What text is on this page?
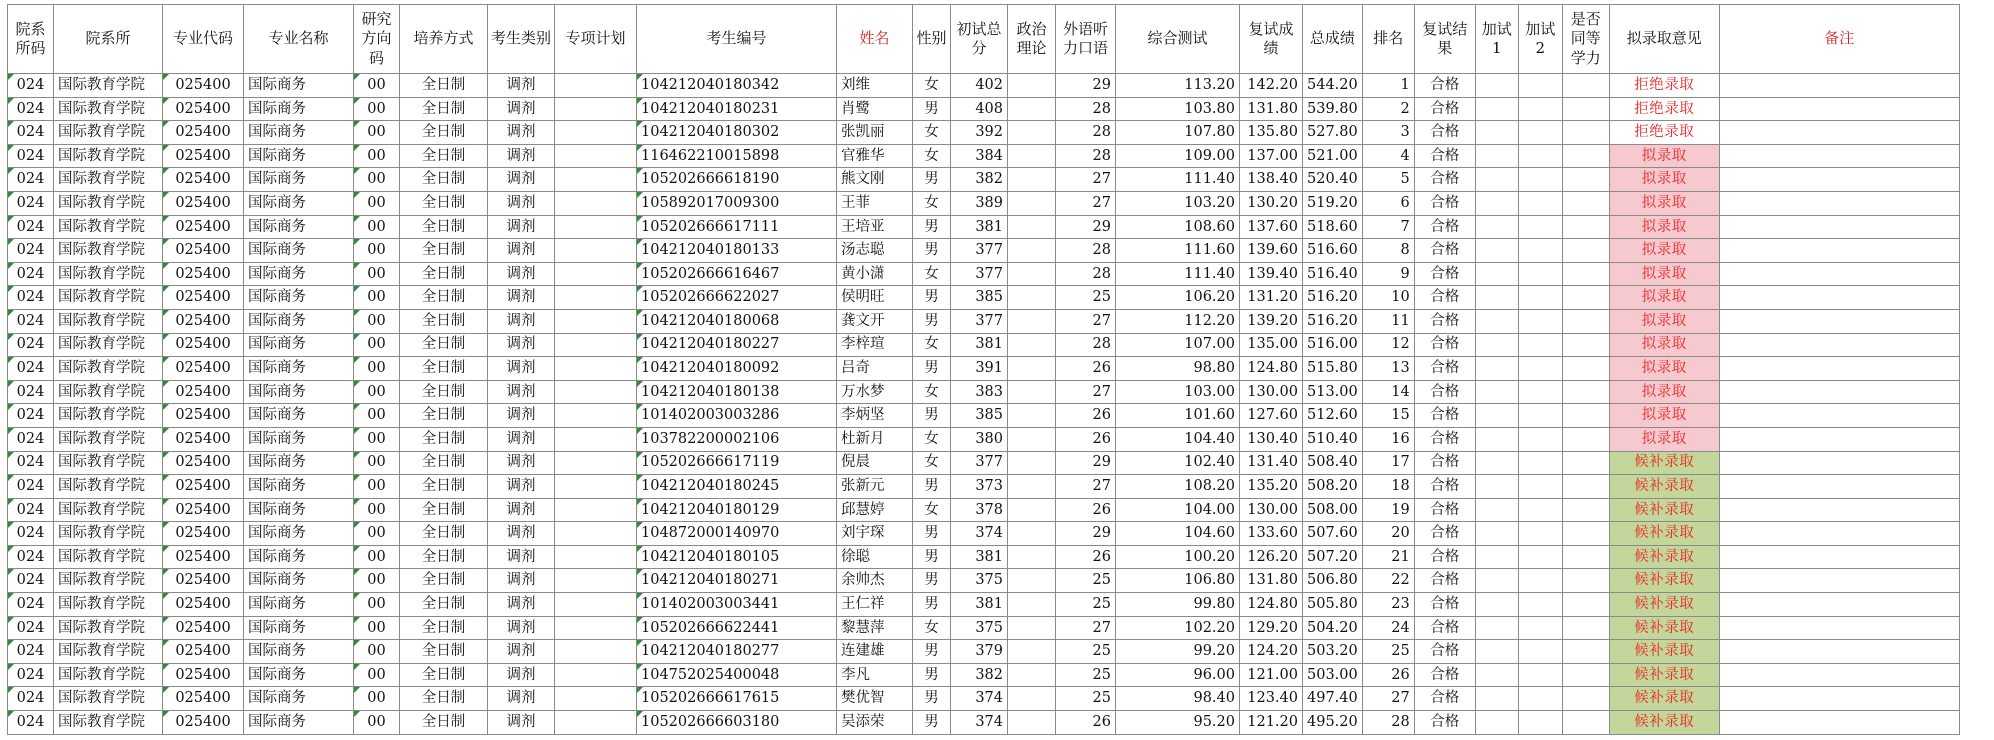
院系所码	院系所	专业代码	专业名称	研究方向码	培养方式	考生类别	专项计划	考生编号	姓名	性别	初试总分	政治理论	外语听力口语	综合测试	复试成绩	总成绩	排名	复试结果	加试1	加试2	是否同等学力	拟录取意见	备注
024	国际教育学院	025400	国际商务	00	全日制	调剂		104212040180342	刘维	女	402		29	113.20	142.20	544.20	1	合格				拒绝录取	
024	国际教育学院	025400	国际商务	00	全日制	调剂		104212040180231	肖鹭	男	408		28	103.80	131.80	539.80	2	合格				拒绝录取	
024	国际教育学院	025400	国际商务	00	全日制	调剂		104212040180302	张凯丽	女	392		28	107.80	135.80	527.80	3	合格				拒绝录取	
024	国际教育学院	025400	国际商务	00	全日制	调剂		116462210015898	官雅华	女	384		28	109.00	137.00	521.00	4	合格				拟录取	
024	国际教育学院	025400	国际商务	00	全日制	调剂		105202666618190	熊文刚	男	382		27	111.40	138.40	520.40	5	合格				拟录取	
024	国际教育学院	025400	国际商务	00	全日制	调剂		105892017009300	王菲	女	389		27	103.20	130.20	519.20	6	合格				拟录取	
024	国际教育学院	025400	国际商务	00	全日制	调剂		105202666617111	王培亚	男	381		29	108.60	137.60	518.60	7	合格				拟录取	
024	国际教育学院	025400	国际商务	00	全日制	调剂		104212040180133	汤志聪	男	377		28	111.60	139.60	516.60	8	合格				拟录取	
024	国际教育学院	025400	国际商务	00	全日制	调剂		105202666616467	黄小潇	女	377		28	111.40	139.40	516.40	9	合格				拟录取	
024	国际教育学院	025400	国际商务	00	全日制	调剂		105202666622027	侯明旺	男	385		25	106.20	131.20	516.20	10	合格				拟录取	
024	国际教育学院	025400	国际商务	00	全日制	调剂		104212040180068	龚文开	男	377		27	112.20	139.20	516.20	11	合格				拟录取	
024	国际教育学院	025400	国际商务	00	全日制	调剂		104212040180227	李梓瑄	女	381		28	107.00	135.00	516.00	12	合格				拟录取	
024	国际教育学院	025400	国际商务	00	全日制	调剂		104212040180092	吕奇	男	391		26	98.80	124.80	515.80	13	合格				拟录取	
024	国际教育学院	025400	国际商务	00	全日制	调剂		104212040180138	万水梦	女	383		27	103.00	130.00	513.00	14	合格				拟录取	
024	国际教育学院	025400	国际商务	00	全日制	调剂		101402003003286	李炳坚	男	385		26	101.60	127.60	512.60	15	合格				拟录取	
024	国际教育学院	025400	国际商务	00	全日制	调剂		103782200002106	杜新月	女	380		26	104.40	130.40	510.40	16	合格				拟录取	
024	国际教育学院	025400	国际商务	00	全日制	调剂		105202666617119	倪晨	女	377		29	102.40	131.40	508.40	17	合格				候补录取	
024	国际教育学院	025400	国际商务	00	全日制	调剂		104212040180245	张新元	男	373		27	108.20	135.20	508.20	18	合格				候补录取	
024	国际教育学院	025400	国际商务	00	全日制	调剂		104212040180129	邱慧婷	女	378		26	104.00	130.00	508.00	19	合格				候补录取	
024	国际教育学院	025400	国际商务	00	全日制	调剂		104872000140970	刘宇琛	男	374		29	104.60	133.60	507.60	20	合格				候补录取	
024	国际教育学院	025400	国际商务	00	全日制	调剂		104212040180105	徐聪	男	381		26	100.20	126.20	507.20	21	合格				候补录取	
024	国际教育学院	025400	国际商务	00	全日制	调剂		104212040180271	余帅杰	男	375		25	106.80	131.80	506.80	22	合格				候补录取	
024	国际教育学院	025400	国际商务	00	全日制	调剂		101402003003441	王仁祥	男	381		25	99.80	124.80	505.80	23	合格				候补录取	
024	国际教育学院	025400	国际商务	00	全日制	调剂		105202666622441	黎慧萍	女	375		27	102.20	129.20	504.20	24	合格				候补录取	
024	国际教育学院	025400	国际商务	00	全日制	调剂		104212040180277	连建雄	男	379		25	99.20	124.20	503.20	25	合格				候补录取	
024	国际教育学院	025400	国际商务	00	全日制	调剂		104752025400048	李凡	男	382		25	96.00	121.00	503.00	26	合格				候补录取	
024	国际教育学院	025400	国际商务	00	全日制	调剂		105202666617615	樊优智	男	374		25	98.40	123.40	497.40	27	合格				候补录取	
024	国际教育学院	025400	国际商务	00	全日制	调剂		105202666603180	吴添荣	男	374		26	95.20	121.20	495.20	28	合格				候补录取	
